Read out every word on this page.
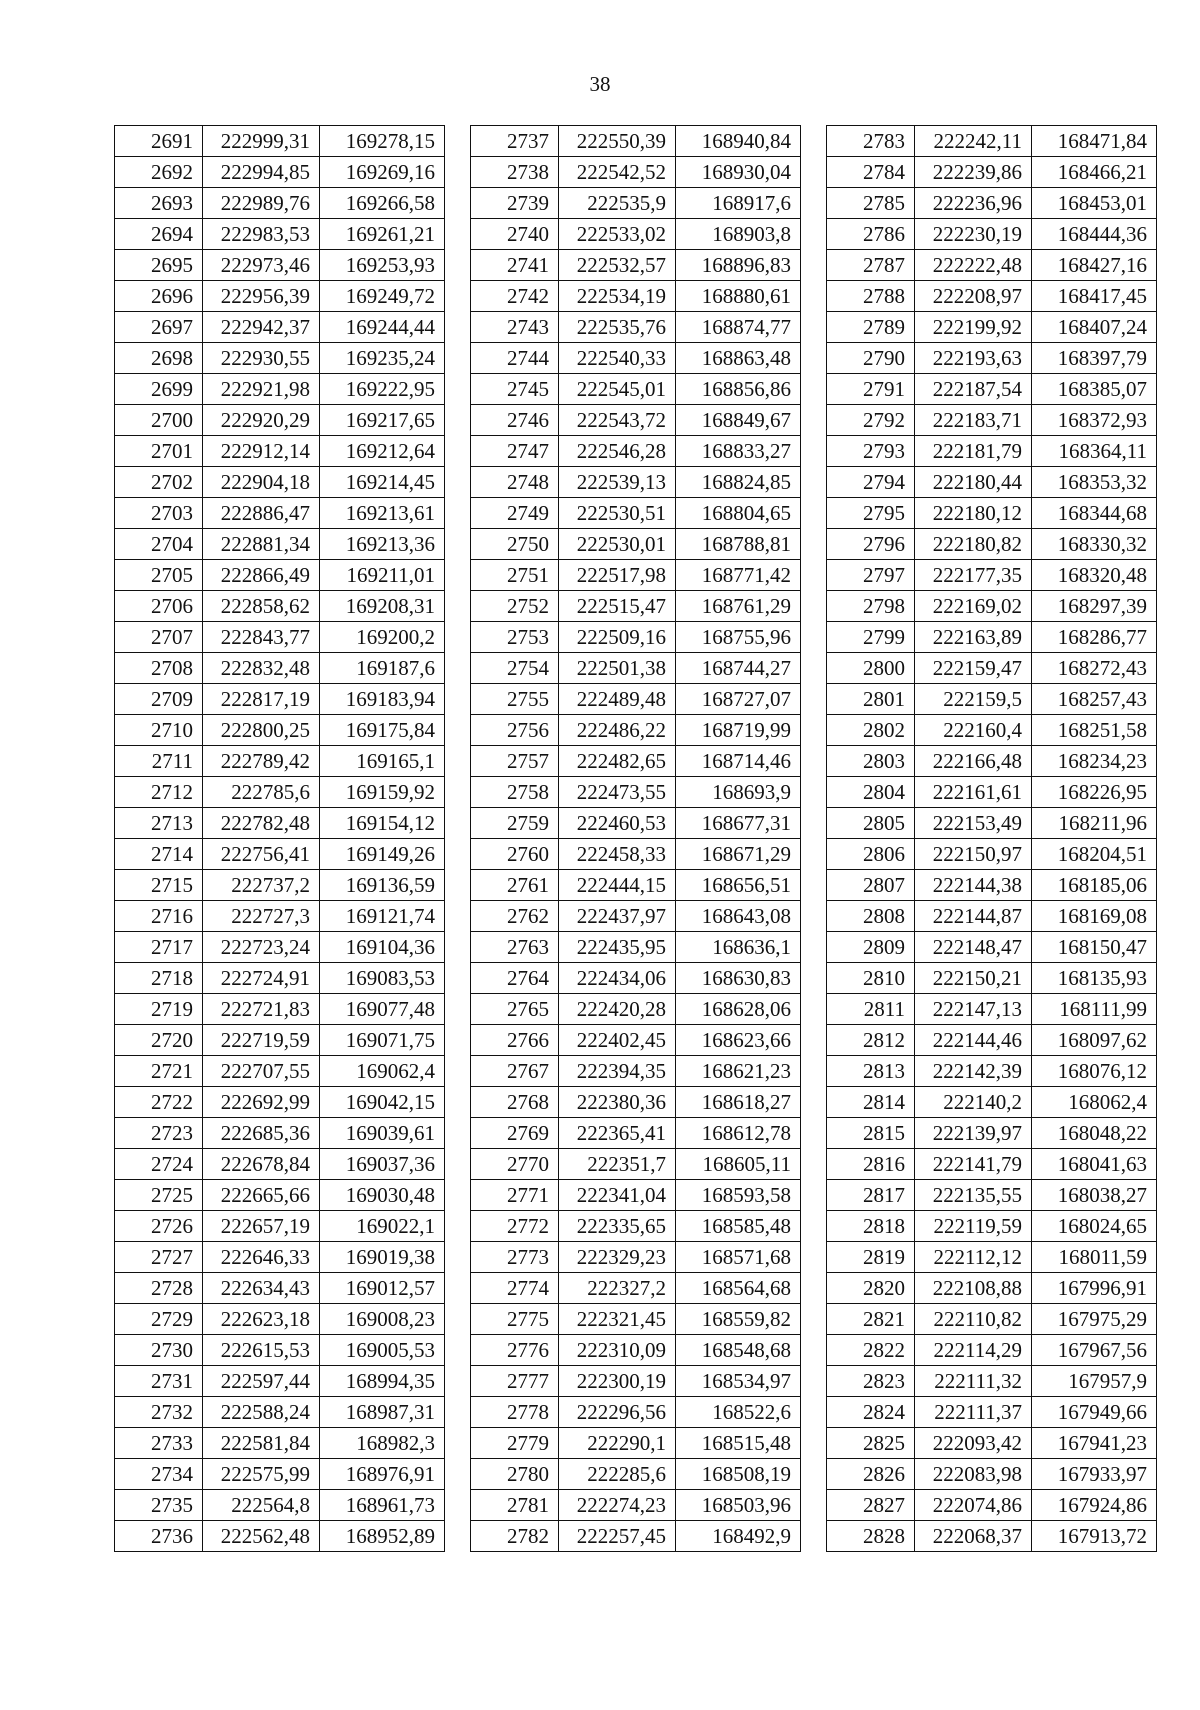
38
2691	222999,31	169278,15
2692	222994,85	169269,16
2693	222989,76	169266,58
2694	222983,53	169261,21
2695	222973,46	169253,93
2696	222956,39	169249,72
2697	222942,37	169244,44
2698	222930,55	169235,24
2699	222921,98	169222,95
2700	222920,29	169217,65
2701	222912,14	169212,64
2702	222904,18	169214,45
2703	222886,47	169213,61
2704	222881,34	169213,36
2705	222866,49	169211,01
2706	222858,62	169208,31
2707	222843,77	169200,2
2708	222832,48	169187,6
2709	222817,19	169183,94
2710	222800,25	169175,84
2711	222789,42	169165,1
2712	222785,6	169159,92
2713	222782,48	169154,12
2714	222756,41	169149,26
2715	222737,2	169136,59
2716	222727,3	169121,74
2717	222723,24	169104,36
2718	222724,91	169083,53
2719	222721,83	169077,48
2720	222719,59	169071,75
2721	222707,55	169062,4
2722	222692,99	169042,15
2723	222685,36	169039,61
2724	222678,84	169037,36
2725	222665,66	169030,48
2726	222657,19	169022,1
2727	222646,33	169019,38
2728	222634,43	169012,57
2729	222623,18	169008,23
2730	222615,53	169005,53
2731	222597,44	168994,35
2732	222588,24	168987,31
2733	222581,84	168982,3
2734	222575,99	168976,91
2735	222564,8	168961,73
2736	222562,48	168952,89
2737	222550,39	168940,84
2738	222542,52	168930,04
2739	222535,9	168917,6
2740	222533,02	168903,8
2741	222532,57	168896,83
2742	222534,19	168880,61
2743	222535,76	168874,77
2744	222540,33	168863,48
2745	222545,01	168856,86
2746	222543,72	168849,67
2747	222546,28	168833,27
2748	222539,13	168824,85
2749	222530,51	168804,65
2750	222530,01	168788,81
2751	222517,98	168771,42
2752	222515,47	168761,29
2753	222509,16	168755,96
2754	222501,38	168744,27
2755	222489,48	168727,07
2756	222486,22	168719,99
2757	222482,65	168714,46
2758	222473,55	168693,9
2759	222460,53	168677,31
2760	222458,33	168671,29
2761	222444,15	168656,51
2762	222437,97	168643,08
2763	222435,95	168636,1
2764	222434,06	168630,83
2765	222420,28	168628,06
2766	222402,45	168623,66
2767	222394,35	168621,23
2768	222380,36	168618,27
2769	222365,41	168612,78
2770	222351,7	168605,11
2771	222341,04	168593,58
2772	222335,65	168585,48
2773	222329,23	168571,68
2774	222327,2	168564,68
2775	222321,45	168559,82
2776	222310,09	168548,68
2777	222300,19	168534,97
2778	222296,56	168522,6
2779	222290,1	168515,48
2780	222285,6	168508,19
2781	222274,23	168503,96
2782	222257,45	168492,9
2783	222242,11	168471,84
2784	222239,86	168466,21
2785	222236,96	168453,01
2786	222230,19	168444,36
2787	222222,48	168427,16
2788	222208,97	168417,45
2789	222199,92	168407,24
2790	222193,63	168397,79
2791	222187,54	168385,07
2792	222183,71	168372,93
2793	222181,79	168364,11
2794	222180,44	168353,32
2795	222180,12	168344,68
2796	222180,82	168330,32
2797	222177,35	168320,48
2798	222169,02	168297,39
2799	222163,89	168286,77
2800	222159,47	168272,43
2801	222159,5	168257,43
2802	222160,4	168251,58
2803	222166,48	168234,23
2804	222161,61	168226,95
2805	222153,49	168211,96
2806	222150,97	168204,51
2807	222144,38	168185,06
2808	222144,87	168169,08
2809	222148,47	168150,47
2810	222150,21	168135,93
2811	222147,13	168111,99
2812	222144,46	168097,62
2813	222142,39	168076,12
2814	222140,2	168062,4
2815	222139,97	168048,22
2816	222141,79	168041,63
2817	222135,55	168038,27
2818	222119,59	168024,65
2819	222112,12	168011,59
2820	222108,88	167996,91
2821	222110,82	167975,29
2822	222114,29	167967,56
2823	222111,32	167957,9
2824	222111,37	167949,66
2825	222093,42	167941,23
2826	222083,98	167933,97
2827	222074,86	167924,86
2828	222068,37	167913,72
